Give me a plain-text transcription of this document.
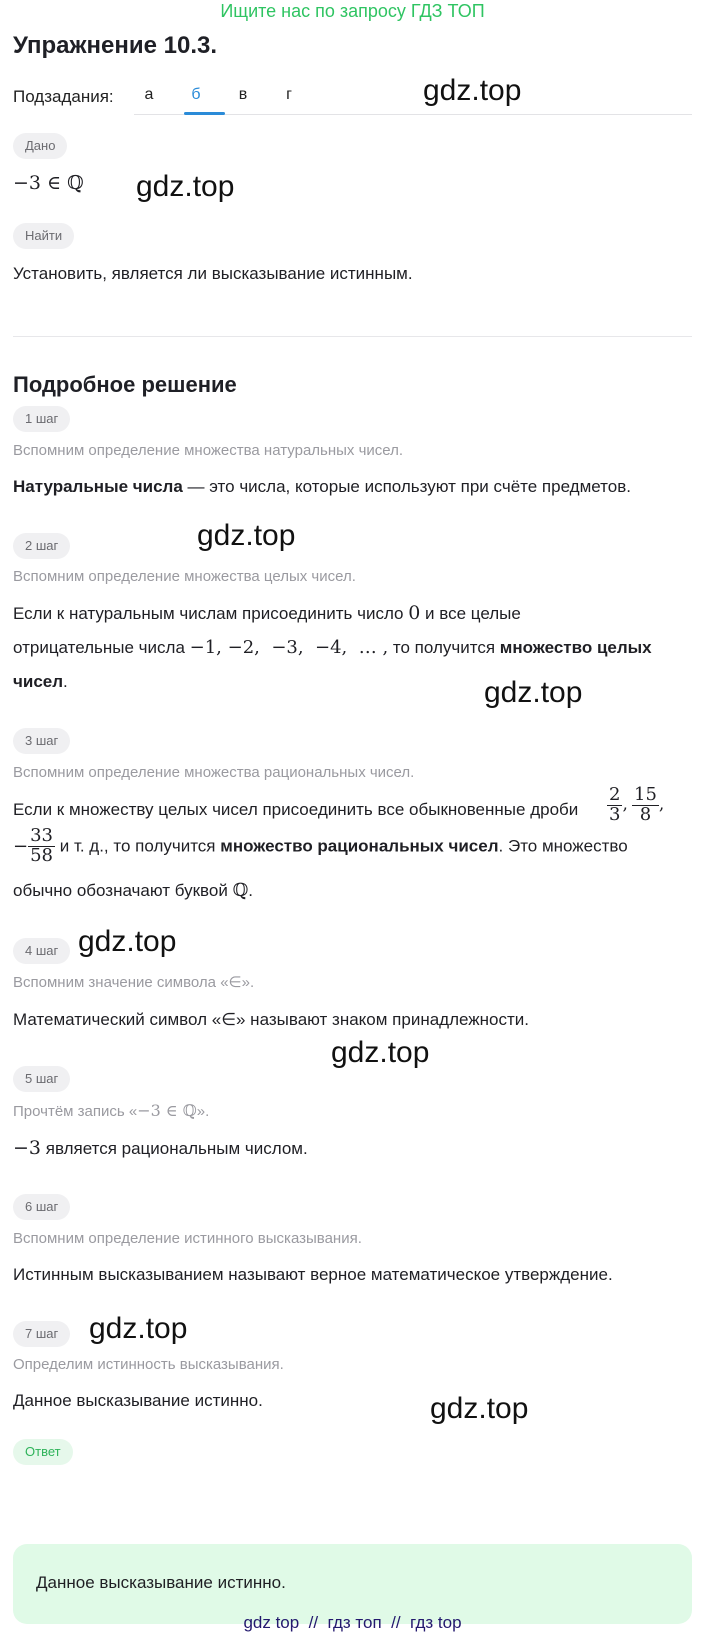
Ищите нас по запросу ГДЗ ТОП
Упражнение 10.3.
Подзадания:	а	б	в	г
Дано
−3 ∈ ℚ
Найти
Установить, является ли высказывание истинным.
Подробное решение
1 шаг
Вспомним определение множества натуральных чисел.
Натуральные числа — это числа, которые используют при счёте предметов.
2 шаг
Вспомним определение множества целых чисел.
Если к натуральным числам присоединить число 0 и все целые
отрицательные числа −1, −2,  −3,  −4,  … , то получится множество целых
чисел.
3 шаг
Вспомним определение множества рациональных чисел.
Если к множеству целых чисел присоединить все обыкновенные дроби $\frac{2}{3}$ , $\frac{15}{8}$ ,
− $\frac{33}{58}$ и т. д., то получится множество рациональных чисел. Это множество
обычно обозначают буквой ℚ.
4 шаг
Вспомним значение символа «∈».
Математический символ «∈» называют знаком принадлежности.
5 шаг
Прочтём запись «−3 ∈ ℚ».
−3 является рациональным числом.
6 шаг
Вспомним определение истинного высказывания.
Истинным высказыванием называют верное математическое утверждение.
7 шаг
Определим истинность высказывания.
Данное высказывание истинно.
Ответ
Данное высказывание истинно.
gdz.top
gdz.top
gdz.top
gdz.top
gdz.top
gdz.top
gdz.top
gdz.top
gdz top  //  гдз топ  //  гдз top
